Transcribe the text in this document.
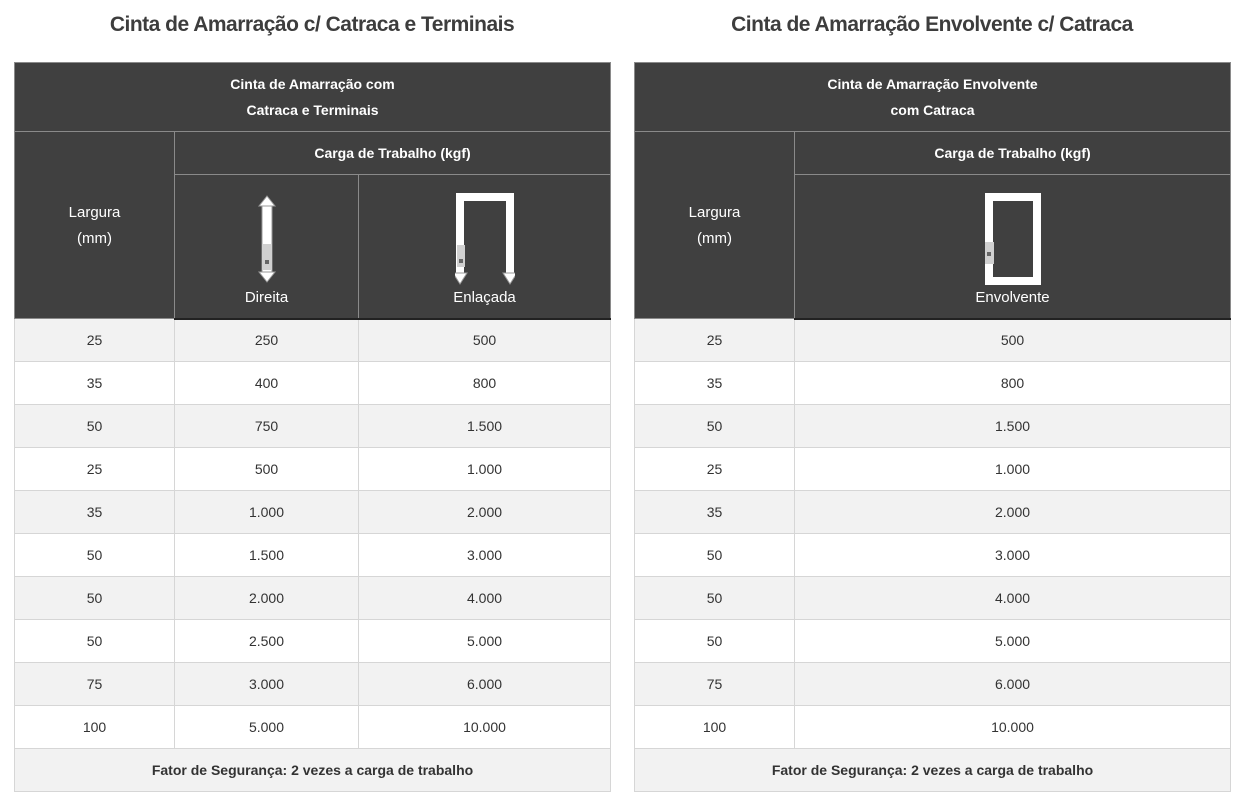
Cinta de Amarração c/ Catraca e Terminais
Cinta de Amarração com
Catraca e Terminais		

Largura
(mm)	Carga de Trabalho (kgf)	

	Direita	Enlaçada

25	250	500
35	400	800
50	750	1.500
25	500	1.000
35	1.000	2.000
50	1.500	3.000
50	2.000	4.000
50	2.500	5.000
75	3.000	6.000
100	5.000	10.000
Fator de Segurança: 2 vezes a carga de trabalho		
Cinta de Amarração Envolvente c/ Catraca
Cinta de Amarração Envolvente
com Catraca	

Largura
(mm)	Carga de Trabalho (kgf)

	Envolvente

25	500
35	800
50	1.500
25	1.000
35	2.000
50	3.000
50	4.000
50	5.000
75	6.000
100	10.000
Fator de Segurança: 2 vezes a carga de trabalho	
